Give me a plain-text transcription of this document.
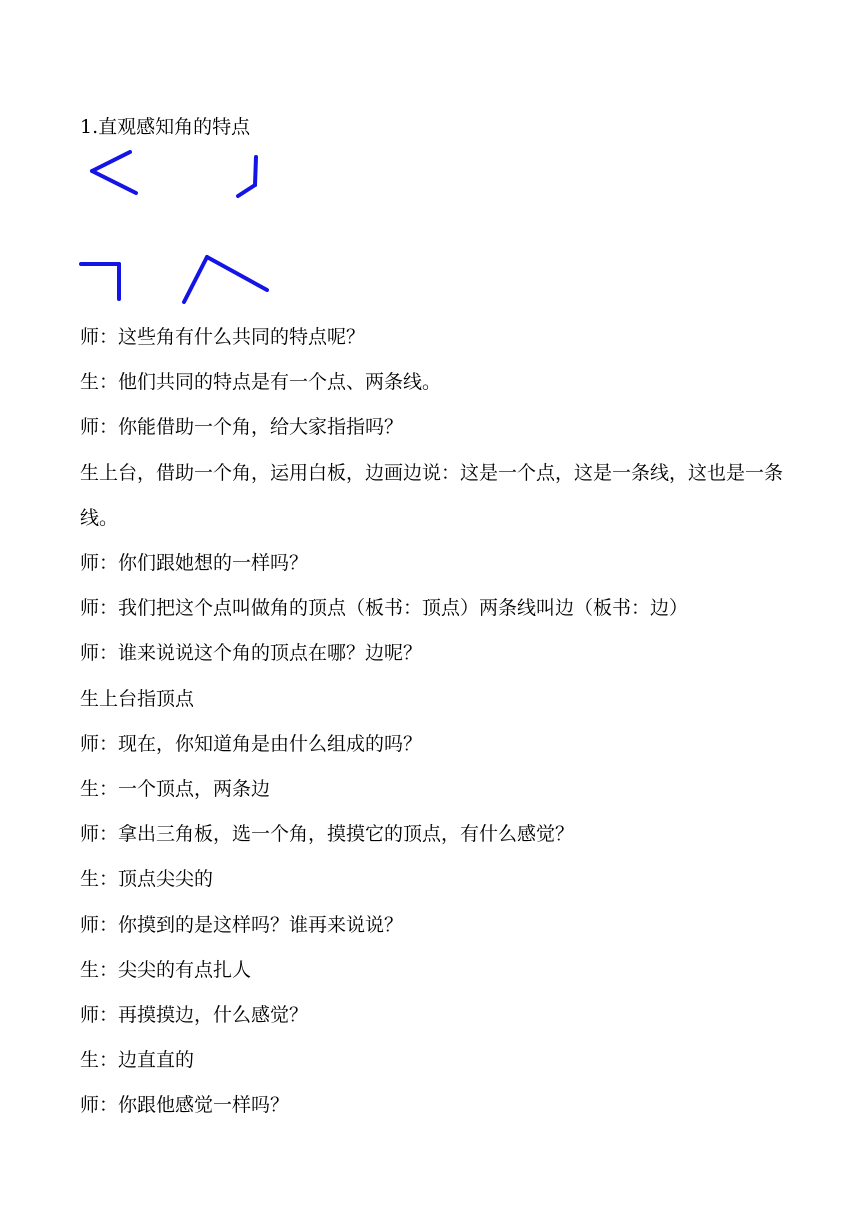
1.直观感知角的特点
师：这些角有什么共同的特点呢？
生：他们共同的特点是有一个点、两条线。
师：你能借助一个角，给大家指指吗？
生上台，借助一个角，运用白板，边画边说：这是一个点，这是一条线，这也是一条线。
师：你们跟她想的一样吗？
师：我们把这个点叫做角的顶点（板书：顶点）两条线叫边（板书：边）
师：谁来说说这个角的顶点在哪？边呢？
生上台指顶点
师：现在，你知道角是由什么组成的吗？
生：一个顶点，两条边
师：拿出三角板，选一个角，摸摸它的顶点，有什么感觉？
生：顶点尖尖的
师：你摸到的是这样吗？谁再来说说？
生：尖尖的有点扎人
师：再摸摸边，什么感觉？
生：边直直的
师：你跟他感觉一样吗？
